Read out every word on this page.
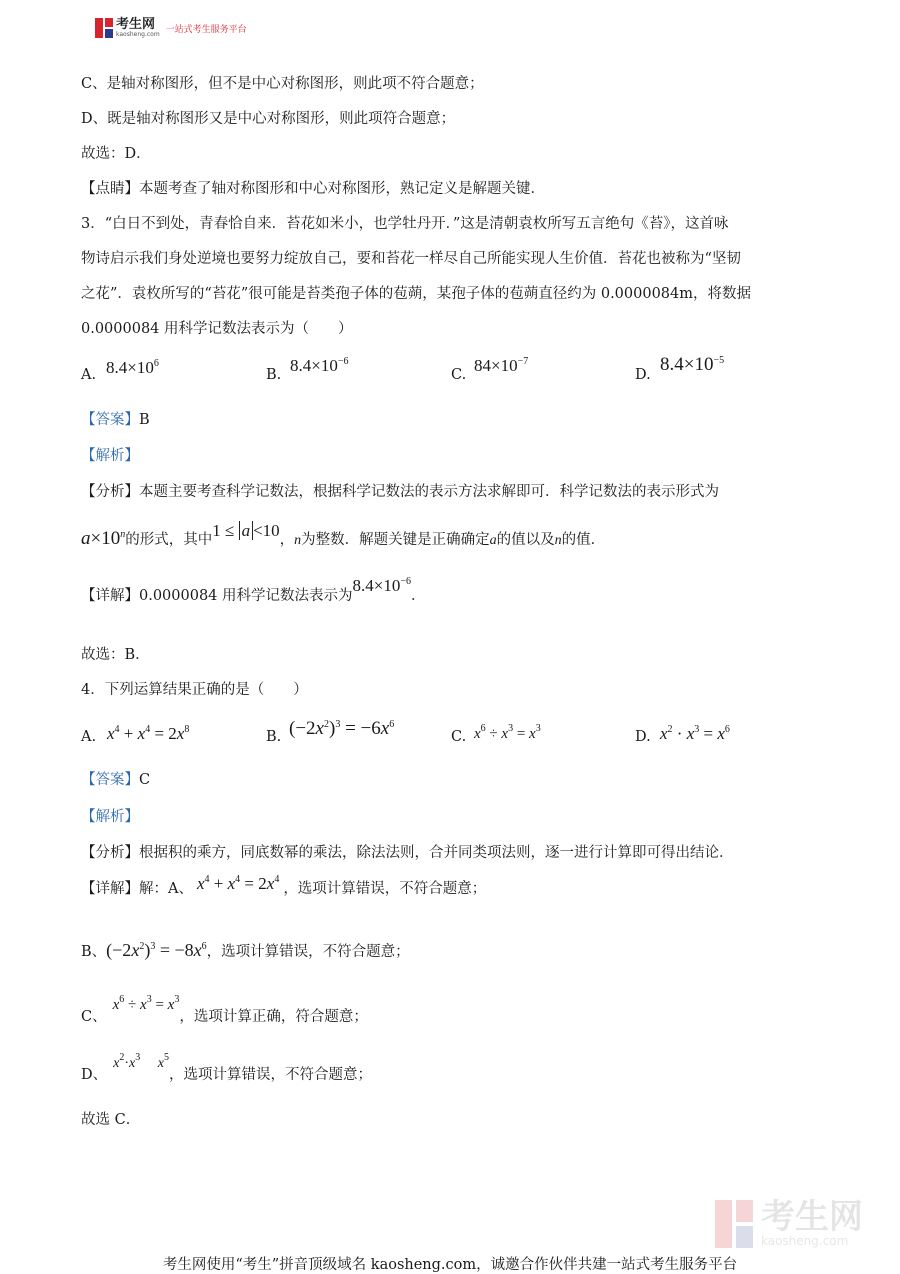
考生网
kaosheng.com 一站式考生服务平台
C、是轴对称图形，但不是中心对称图形，则此项不符合题意；
D、既是轴对称图形又是中心对称图形，则此项符合题意；
故选：D．
【点睛】本题考查了轴对称图形和中心对称图形，熟记定义是解题关键．
3．“白日不到处，青春恰自来．苔花如米小，也学牡丹开．”这是清朝袁枚所写五言绝句《苔》，这首咏
物诗启示我们身处逆境也要努力绽放自己，要和苔花一样尽自己所能实现人生价值．苔花也被称为“坚韧
之花”．袁枚所写的“苔花”很可能是苔类孢子体的苞蒴，某孢子体的苞蒴直径约为 0.0000084m，将数据
0.0000084 用科学记数法表示为（　　）
A. $8.4\times 10^6$
B. $8.4\times 10^{-6}$
C. $84\times 10^{-7}$
D. $8.4\times 10^{-5}$
【答案】B
【解析】
【分析】本题主要考查科学记数法，根据科学记数法的表示方法求解即可．科学记数法的表示形式为
$a\times 10^n$ 的形式，其中 1 ≤ a <10 ， n 为整数．解题关键是正确确定 a 的值以及 n 的值．
【详解】0.0000084 用科学记数法表示为
$8.4\times 10^{-6}$
．
故选：B．
4．下列运算结果正确的是（　　）
A. $x^4 + x^4 = 2x^8$	B. $(-2x^2)^3 = -6x^6$
C. $x^6 \div x^3 = x^3$
D. $x^2 \cdot x^3 = x^6$
【答案】C
【解析】
【分析】根据积的乘方，同底数幂的乘法，除法法则，合并同类项法则，逐一进行计算即可得出结论．
【详解】解：A、 $x^4 + x^4 = 2x^4$
，选项计算错误，不符合题意；
B、 $(-2x^2)^3 = -8x^6$ ，选项计算错误，不符合题意；
C、
$x^6 \div x^3 = x^3$
，选项计算正确，符合题意；
D、
$x^2\cdot x^3$　 $x^5$
，选项计算错误，不符合题意；
故选 C．
考生网
kaosheng.com
考生网使用“考生”拼音顶级域名 kaosheng.com，诚邀合作伙伴共建一站式考生服务平台
